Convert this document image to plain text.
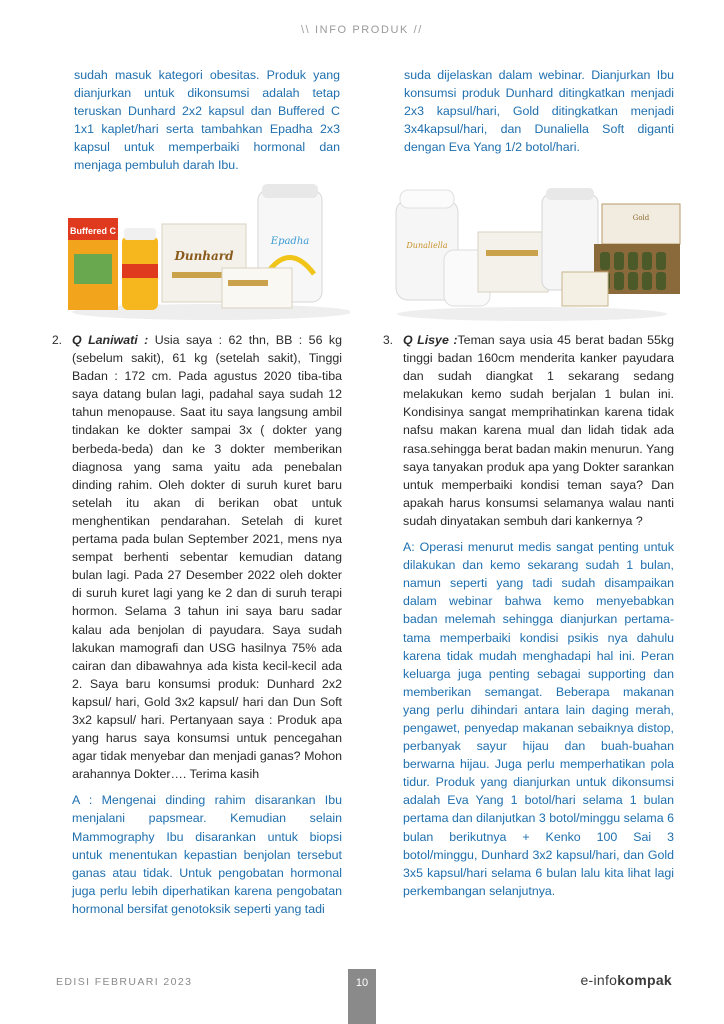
\\ INFO PRODUK //

sudah masuk kategori obesitas. Produk yang dianjurkan untuk dikonsumsi adalah tetap teruskan Dunhard 2x2 kapsul dan Buffered C 1x1 kaplet/hari serta tambahkan Epadha 2x3 kapsul untuk memperbaiki hormonal dan menjaga pembuluh darah Ibu.

suda dijelaskan dalam webinar. Dianjurkan Ibu konsumsi produk Dunhard ditingkatkan menjadi 2x3 kapsul/hari, Gold ditingkatkan menjadi 3x4kapsul/hari, dan Dunaliella Soft diganti dengan Eva Yang 1/2 botol/hari.

Buffered C
Dunhard
Epadha	Dunaliella
Gold
2. Q Laniwati : Usia saya : 62 thn, BB : 56 kg (sebelum sakit), 61 kg (setelah sakit), Tinggi Badan : 172 cm. Pada agustus 2020 tiba-tiba saya datang bulan lagi, padahal saya sudah 12 tahun menopause. Saat itu saya langsung ambil tindakan ke dokter sampai 3x ( dokter yang berbeda-beda) dan ke 3 dokter memberikan diagnosa yang sama yaitu ada penebalan dinding rahim. Oleh dokter di suruh kuret baru setelah itu akan di berikan obat untuk menghentikan pendarahan. Setelah di kuret pertama pada bulan September 2021, mens nya sempat berhenti sebentar kemudian datang bulan lagi. Pada 27 Desember 2022 oleh dokter di suruh kuret lagi yang ke 2 dan di suruh terapi hormon. Selama 3 tahun ini saya baru sadar kalau ada benjolan di payudara. Saya sudah lakukan mamografi dan USG hasilnya 75% ada cairan dan dibawahnya ada kista kecil-kecil ada 2. Saya baru konsumsi produk: Dunhard 2x2 kapsul/ hari, Gold 3x2 kapsul/ hari dan Dun Soft 3x2 kapsul/ hari. Pertanyaan saya : Produk apa yang harus saya konsumsi untuk pencegahan agar tidak menyebar dan menjadi ganas? Mohon arahannya Dokter…. Terima kasih

A : Mengenai dinding rahim disarankan Ibu menjalani papsmear. Kemudian selain Mammography Ibu disarankan untuk biopsi untuk menentukan kepastian benjolan tersebut ganas atau tidak. Untuk pengobatan hormonal juga perlu lebih diperhatikan karena pengobatan hormonal bersifat genotoksik seperti yang tadi

3. Q Lisye :Teman saya usia 45 berat badan 55kg tinggi badan 160cm menderita kanker payudara dan sudah diangkat 1 sekarang sedang melakukan kemo sudah berjalan 1 bulan ini. Kondisinya sangat memprihatinkan karena tidak nafsu makan karena mual dan lidah tidak ada rasa.sehingga berat badan makin menurun. Yang saya tanyakan produk apa yang Dokter sarankan untuk memperbaiki kondisi teman saya? Dan apakah harus konsumsi selamanya walau nanti sudah dinyatakan sembuh dari kankernya ?

A: Operasi menurut medis sangat penting untuk dilakukan dan kemo sekarang sudah 1 bulan, namun seperti yang tadi sudah disampaikan dalam webinar bahwa kemo menyebabkan badan melemah sehingga dianjurkan pertama-tama memperbaiki kondisi psikis nya dahulu karena tidak mudah menghadapi hal ini. Peran keluarga juga penting sebagai supporting dan memberikan semangat. Beberapa makanan yang perlu dihindari antara lain daging merah, pengawet, penyedap makanan sebaiknya distop, perbanyak sayur hijau dan buah-buahan berwarna hijau. Juga perlu memperhatikan pola tidur. Produk yang dianjurkan untuk dikonsumsi adalah Eva Yang 1 botol/hari selama 1 bulan pertama dan dilanjutkan 3 botol/minggu selama 6 bulan berikutnya + Kenko 100 Sai 3 botol/minggu, Dunhard 3x2 kapsul/hari, dan Gold 3x5 kapsul/hari selama 6 bulan lalu kita lihat lagi perkembangan selanjutnya.

EDISI FEBRUARI 2023	10	e-infokompak
